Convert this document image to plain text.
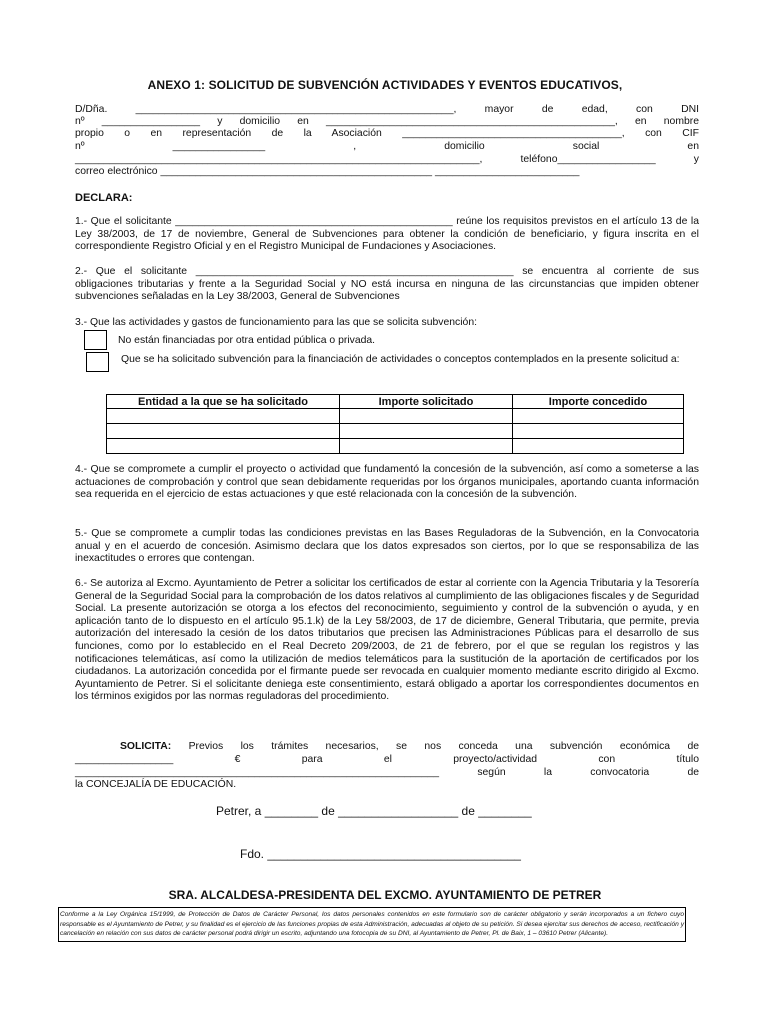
ANEXO 1: SOLICITUD DE SUBVENCIÓN ACTIVIDADES Y EVENTOS EDUCATIVOS,

D/Dña. _______________________________________________________, mayor de edad, con DNI

nº _________________ y domicilio en __________________________________________________, en nombre

propio o en representación de la Asociación ______________________________________, con CIF

nº ________________ , domicilio social en

______________________________________________________________________, teléfono_________________ y

correo electrónico _______________________________________________ _________________________

DECLARA:

1.- Que el solicitante ________________________________________________ reúne los requisitos previstos en el artículo 13 de la Ley 38/2003, de 17 de noviembre, General de Subvenciones para obtener la condición de beneficiario, y figura inscrita en el correspondiente Registro Oficial y en el Registro Municipal de Fundaciones y Asociaciones.

2.- Que el solicitante _______________________________________________________ se encuentra al corriente de sus obligaciones tributarias y frente a la Seguridad Social y NO está incursa en ninguna de las circunstancias que impiden obtener subvenciones señaladas en la Ley 38/2003, General de Subvenciones

3.- Que las actividades y gastos de funcionamiento para las que se solicita subvención:

No están financiadas por otra entidad pública o privada.
Que se ha solicitado subvención para la financiación de actividades o conceptos contemplados en la presente solicitud a:
Entidad a la que se ha solicitado	Importe solicitado	Importe concedido

4.- Que se compromete a cumplir el proyecto o actividad que fundamentó la concesión de la subvención, así como a someterse a las actuaciones de comprobación y control que sean debidamente requeridas por los órganos municipales, aportando cuanta información sea requerida en el ejercicio de estas actuaciones y que esté relacionada con la concesión de la subvención.

5.- Que se compromete a cumplir todas las condiciones previstas en las Bases Reguladoras de la Subvención, en la Convocatoria anual y en el acuerdo de concesión. Asimismo declara que los datos expresados son ciertos, por lo que se responsabiliza de las inexactitudes o errores que contengan.

6.- Se autoriza al Excmo. Ayuntamiento de Petrer a solicitar los certificados de estar al corriente con la Agencia Tributaria y la Tesorería General de la Seguridad Social para la comprobación de los datos relativos al cumplimiento de las obligaciones fiscales y de Seguridad Social. La presente autorización se otorga a los efectos del reconocimiento, seguimiento y control de la subvención o ayuda, y en aplicación tanto de lo dispuesto en el artículo 95.1.k) de la Ley 58/2003, de 17 de diciembre, General Tributaria, que permite, previa autorización del interesado la cesión de los datos tributarios que precisen las Administraciones Públicas para el desarrollo de sus funciones, como por lo establecido en el Real Decreto 209/2003, de 21 de febrero, por el que se regulan los registros y las notificaciones telemáticas, así como la utilización de medios telemáticos para la sustitución de la aportación de certificados por los ciudadanos. La autorización concedida por el firmante puede ser revocada en cualquier momento mediante escrito dirigido al Excmo. Ayuntamiento de Petrer. Si el solicitante deniega este consentimiento, estará obligado a aportar los correspondientes documentos en los términos exigidos por las normas reguladoras del procedimiento.

SOLICITA: Previos los trámites necesarios, se nos conceda una subvención económica de

_________________ € para el proyecto/actividad con título

_______________________________________________________________ según la convocatoria de

la CONCEJALÍA DE EDUCACIÓN.

Petrer, a ________ de __________________ de ________
Fdo. ______________________________________
SRA. ALCALDESA-PRESIDENTA DEL EXCMO. AYUNTAMIENTO DE PETRER
Conforme a la Ley Orgánica 15/1999, de Protección de Datos de Carácter Personal, los datos personales contenidos en este formulario son de carácter obligatorio y serán incorporados a un fichero cuyo responsable es el Ayuntamiento de Petrer, y su finalidad es el ejercicio de las funciones propias de esta Administración, adecuadas al objeto de su petición. Si desea ejercitar sus derechos de acceso, rectificación y cancelación en relación con sus datos de carácter personal podrá dirigir un escrito, adjuntando una fotocopia de su DNI, al Ayuntamiento de Petrer, Pl. de Baix, 1 – 03610 Petrer (Alicante).
